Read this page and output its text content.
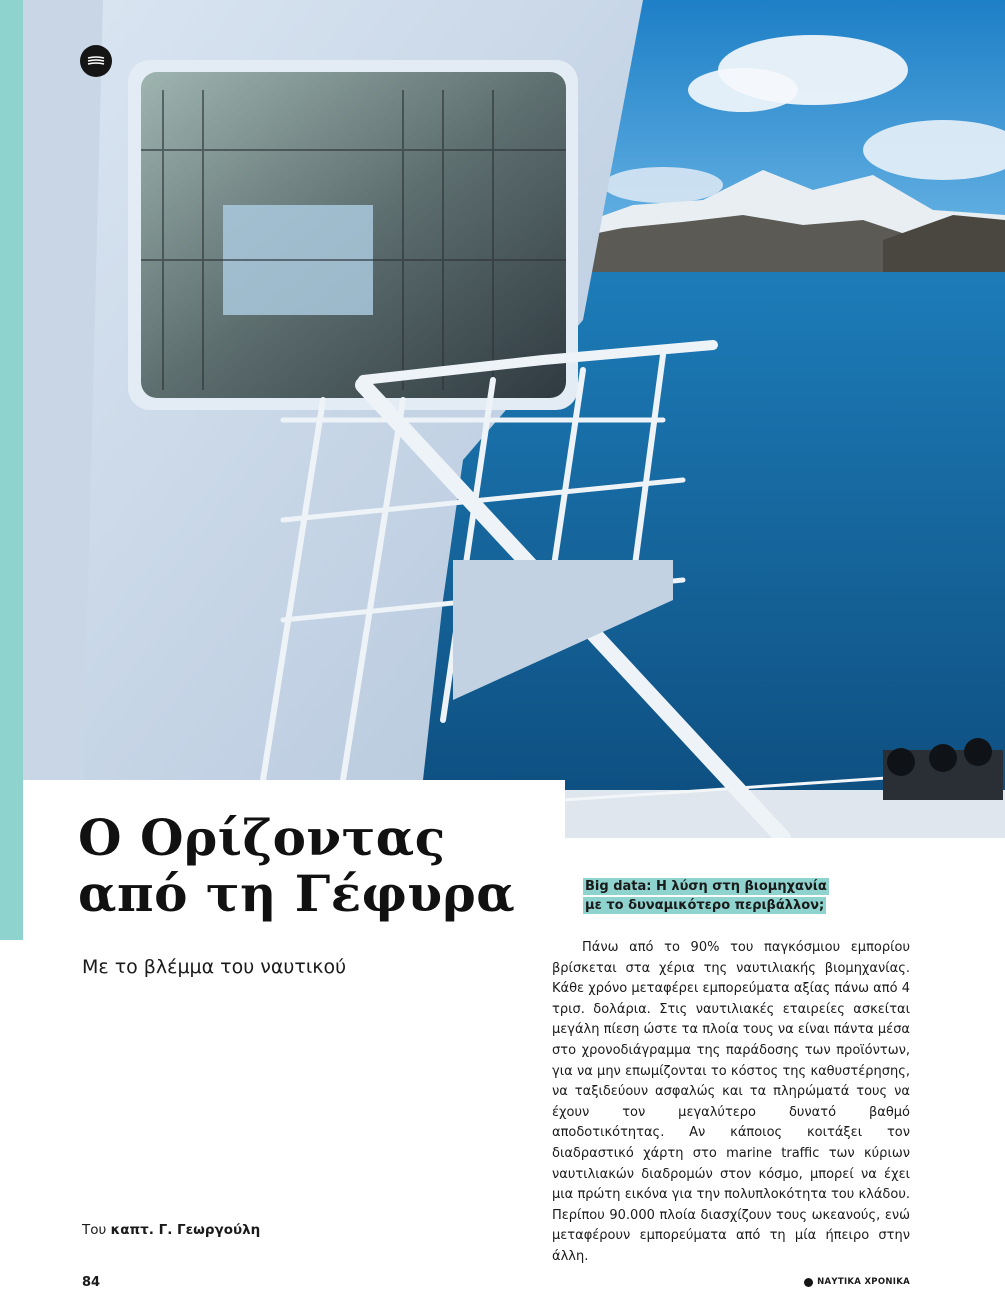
Ο Ορίζοντας
από τη Γέφυρα
Με το βλέμμα του ναυτικού
Του καπτ. Γ. Γεωργούλη
Big data: Η λύση στη βιομηχανία με το δυναμικότερο περιβάλλον;

Πάνω από το 90% του παγκόσμιου εμπορίου βρίσκεται στα χέρια της ναυτιλιακής βιομηχανίας. Κάθε χρόνο μεταφέρει εμπορεύματα αξίας πάνω από 4 τρισ. δολάρια. Στις ναυτιλιακές εταιρείες ασκείται μεγάλη πίεση ώστε τα πλοία τους να είναι πάντα μέσα στο χρονοδιάγραμμα της παράδοσης των προϊόντων, για να μην επωμίζονται το κόστος της καθυστέρησης, να ταξιδεύουν ασφαλώς και τα πληρώματά τους να έχουν τον μεγαλύτερο δυνατό βαθμό αποδοτικότητας. Αν κάποιος κοιτάξει τον διαδραστικό χάρτη στο marine traffic των κύριων ναυτιλιακών διαδρομών στον κόσμο, μπορεί να έχει μια πρώτη εικόνα για την πολυπλοκότητα του κλάδου. Περίπου 90.000 πλοία διασχίζουν τους ωκεανούς, ενώ μεταφέρουν εμπορεύματα από τη μία ήπειρο στην άλλη.

84	ΝΑΥΤΙΚΑ ΧΡΟΝΙΚΑ
